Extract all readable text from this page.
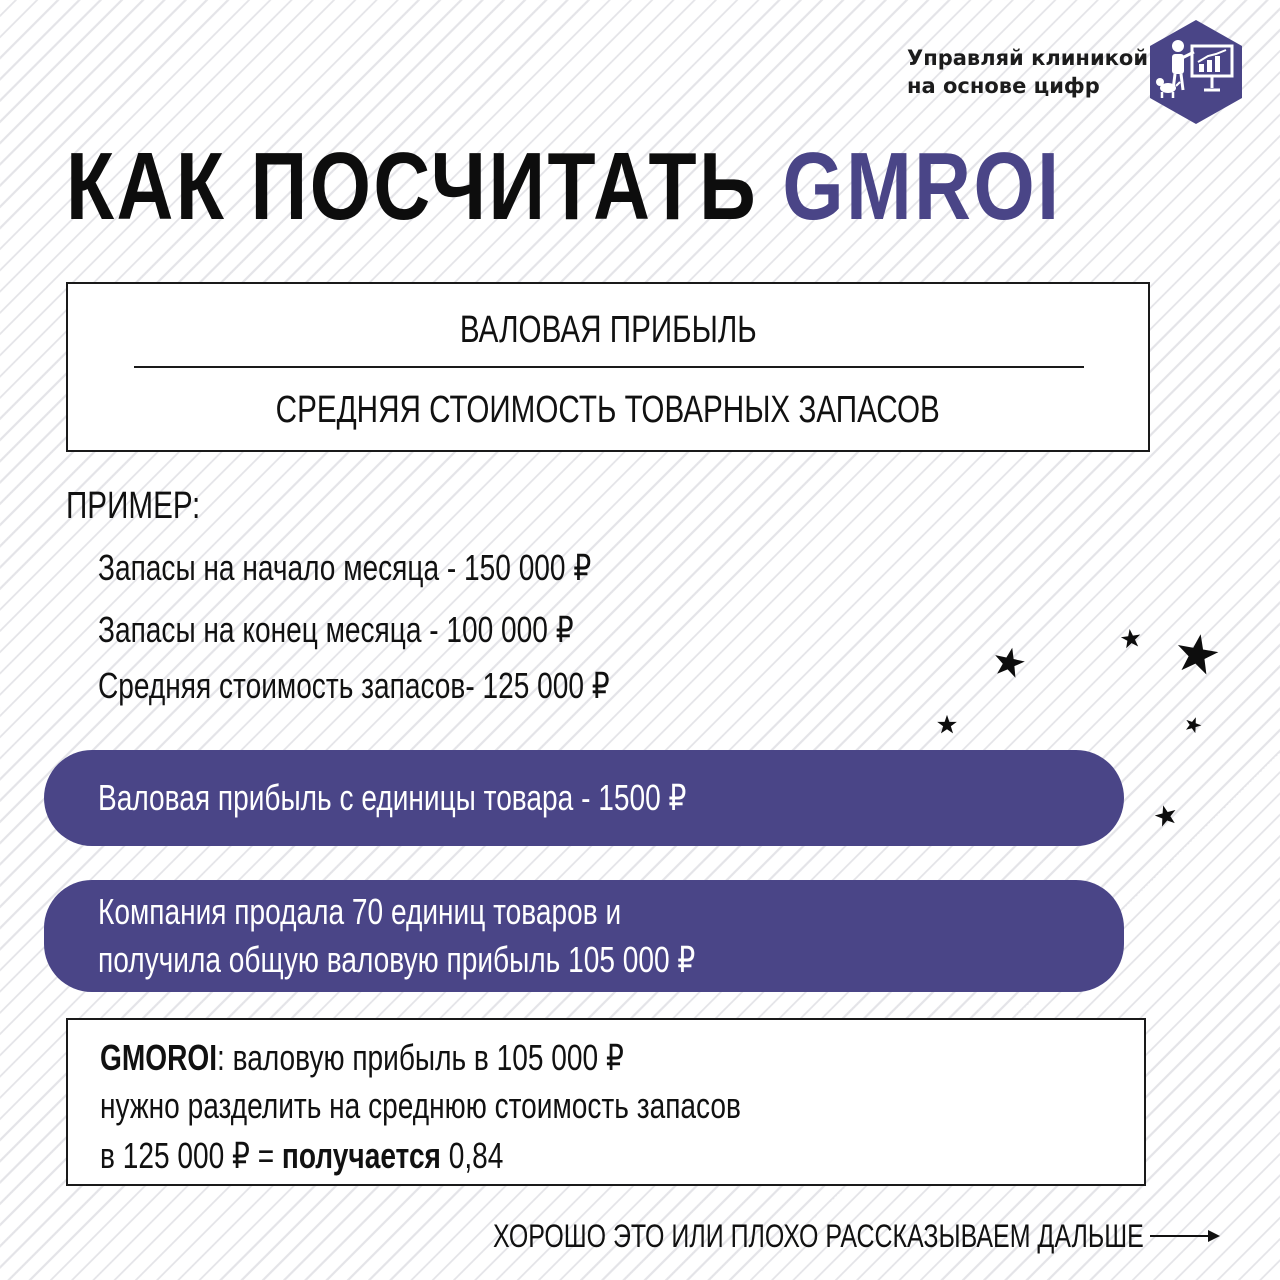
Управляй клиникой
на основе цифр
КАК ПОСЧИТАТЬ GMROI
ВАЛОВАЯ ПРИБЫЛЬ
СРЕДНЯЯ СТОИМОСТЬ ТОВАРНЫХ ЗАПАСОВ
ПРИМЕР:
Запасы на начало месяца - 150 000 ₽
Запасы на конец месяца - 100 000 ₽
Средняя стоимость запасов- 125 000 ₽
Валовая прибыль с единицы товара - 1500 ₽
Компания продала 70 единиц товаров и
получила общую валовую прибыль 105 000 ₽
GMOROI: валовую прибыль в 105 000 ₽
нужно разделить на среднюю стоимость запасов
в 125 000 ₽ = получается 0,84
ХОРОШО ЭТО ИЛИ ПЛОХО РАССКАЗЫВАЕМ ДАЛЬШЕ
